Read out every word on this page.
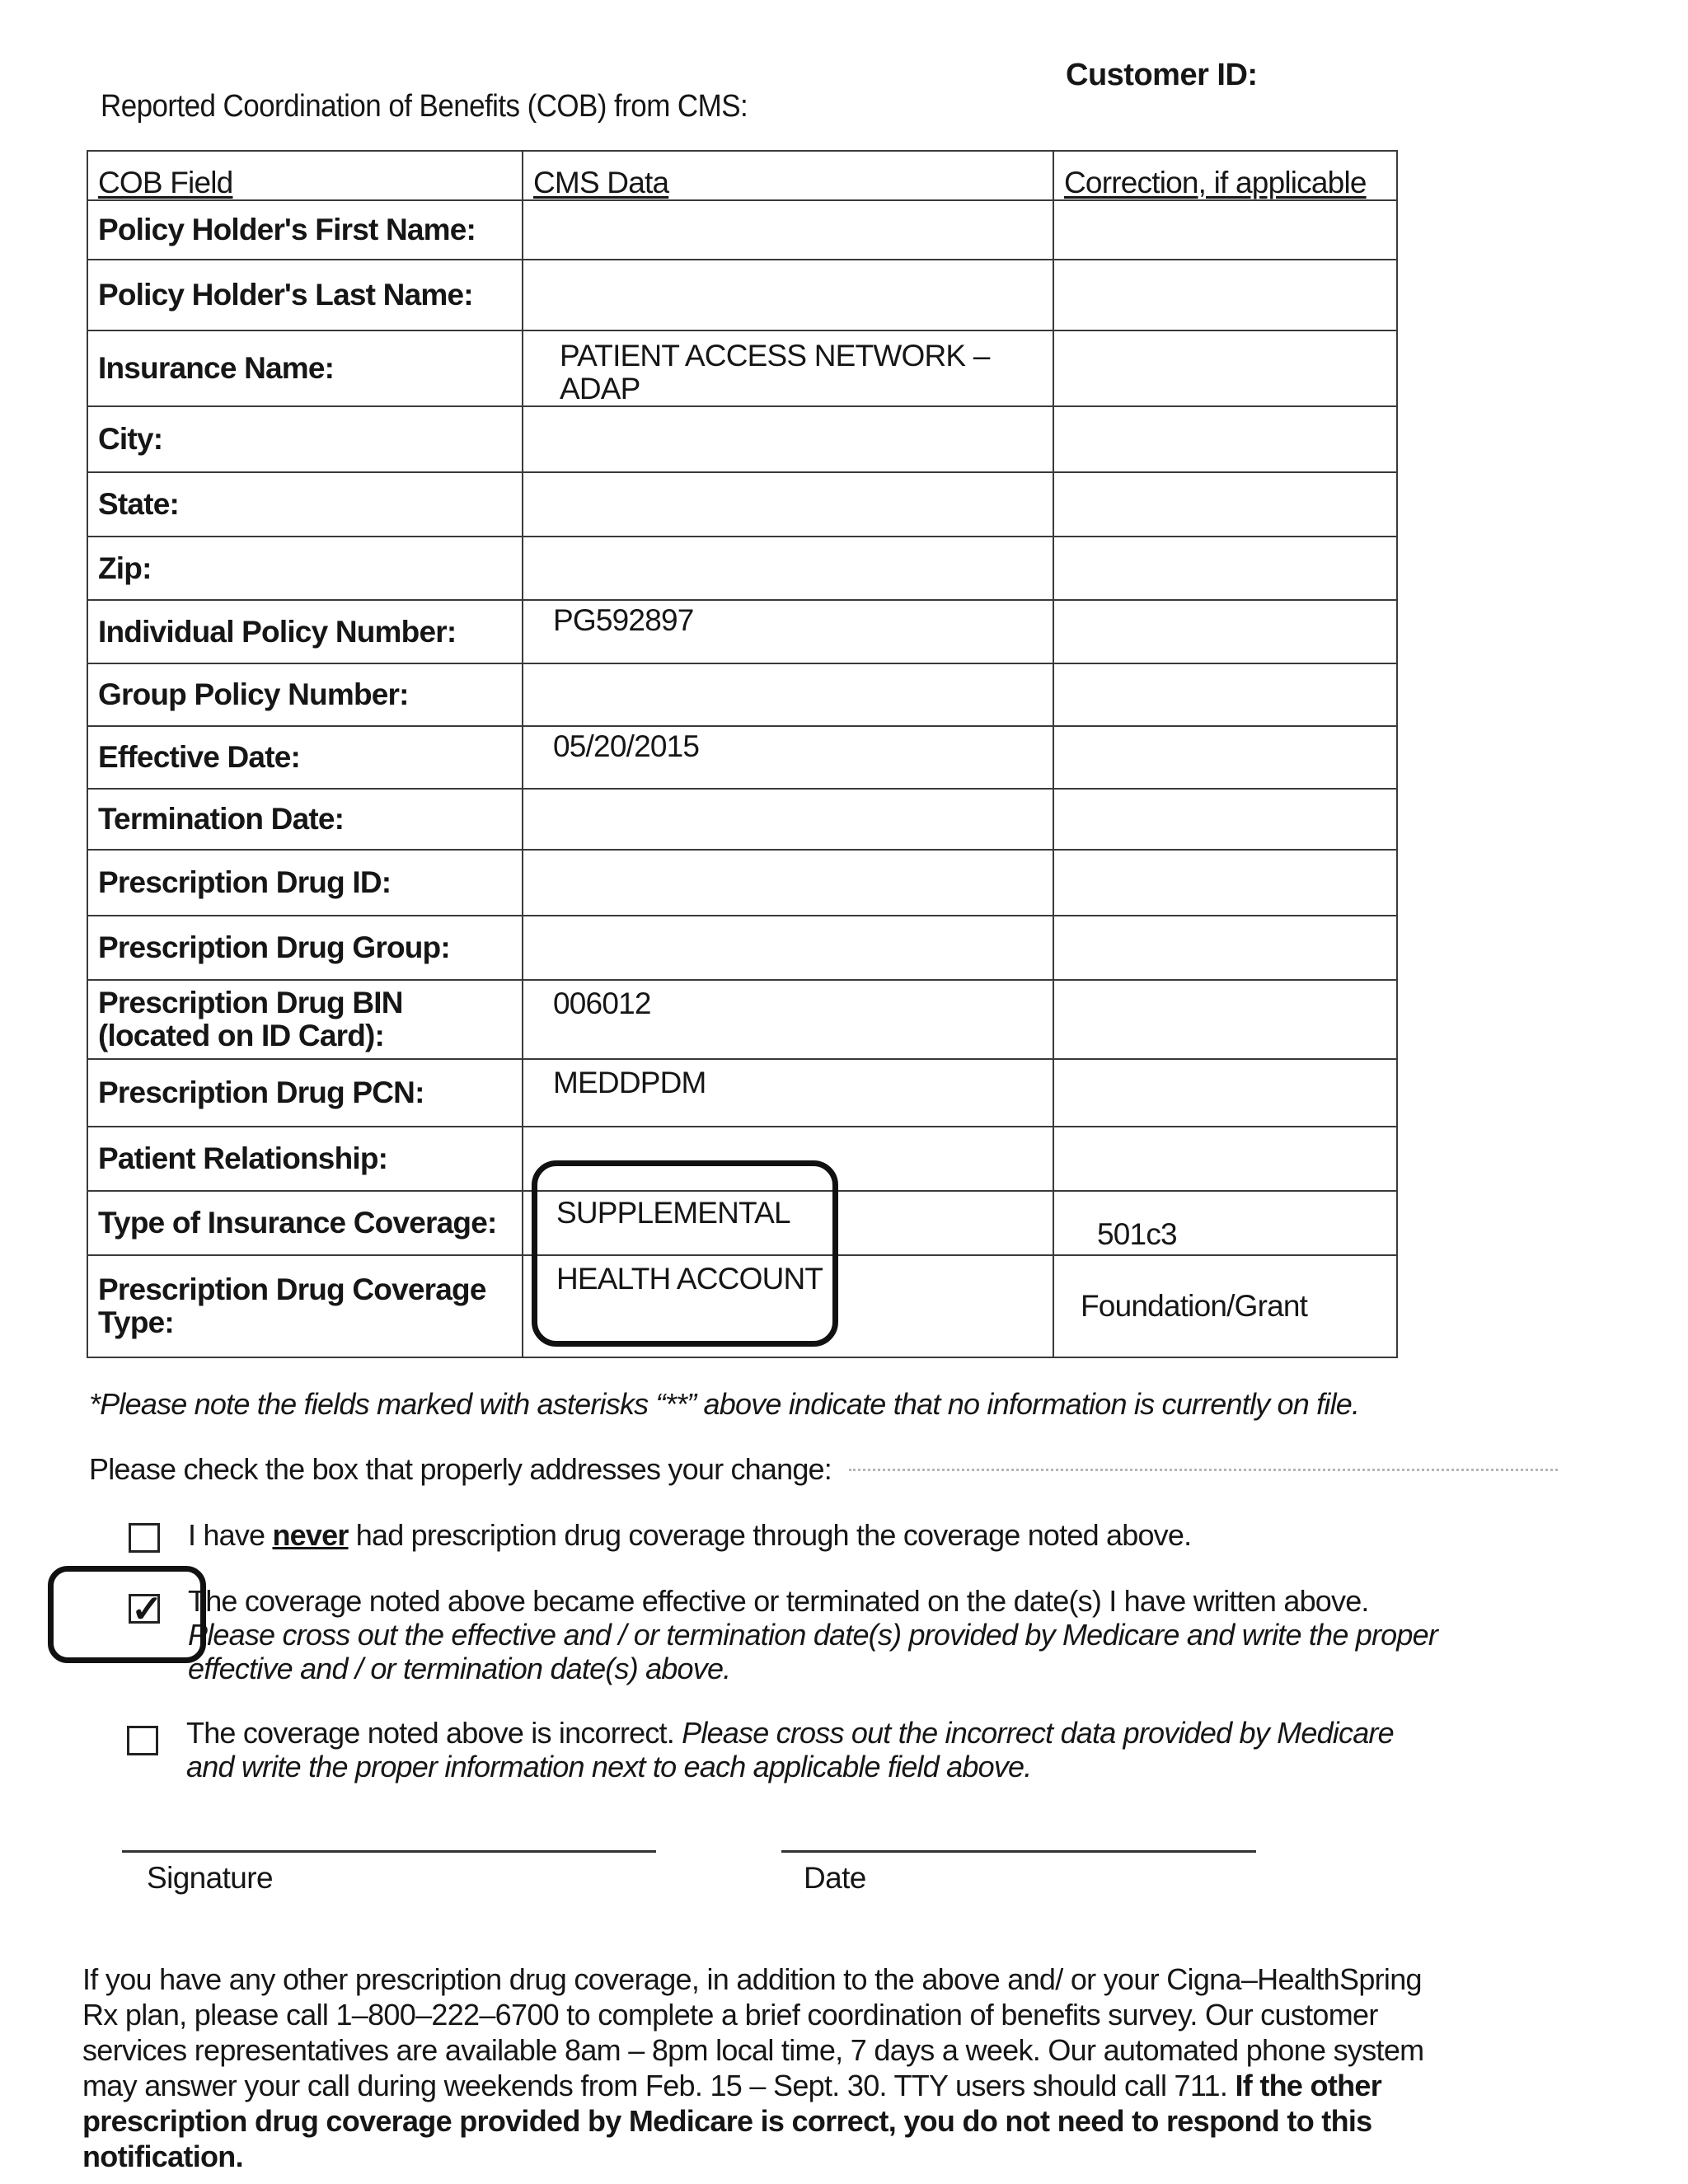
Customer ID:
Reported Coordination of Benefits (COB) from CMS:
COB Field	CMS Data	Correction, if applicable
Policy Holder's First Name:		
Policy Holder's Last Name:		
Insurance Name:	PATIENT ACCESS NETWORK – ADAP	
City:		
State:		
Zip:		
Individual Policy Number:	PG592897	
Group Policy Number:		
Effective Date:	05/20/2015	
Termination Date:		
Prescription Drug ID:		
Prescription Drug Group:		
Prescription Drug BIN (located on ID Card):	006012	
Prescription Drug PCN:	MEDDPDM	
Patient Relationship:		
Type of Insurance Coverage:	SUPPLEMENTAL	501c3
Prescription Drug Coverage Type:	HEALTH ACCOUNT	Foundation/Grant
*Please note the fields marked with asterisks “**” above indicate that no information is currently on file.
Please check the box that properly addresses your change:
I have never had prescription drug coverage through the coverage noted above.
✓ The coverage noted above became effective or terminated on the date(s) I have written above. Please cross out the effective and / or termination date(s) provided by Medicare and write the proper effective and / or termination date(s) above.
The coverage noted above is incorrect. Please cross out the incorrect data provided by Medicare and write the proper information next to each applicable field above.
Signature	Date
If you have any other prescription drug coverage, in addition to the above and/ or your Cigna–HealthSpring Rx plan, please call 1–800–222–6700 to complete a brief coordination of benefits survey. Our customer services representatives are available 8am – 8pm local time, 7 days a week. Our automated phone system may answer your call during weekends from Feb. 15 – Sept. 30. TTY users should call 711. If the other prescription drug coverage provided by Medicare is correct, you do not need to respond to this notification.
